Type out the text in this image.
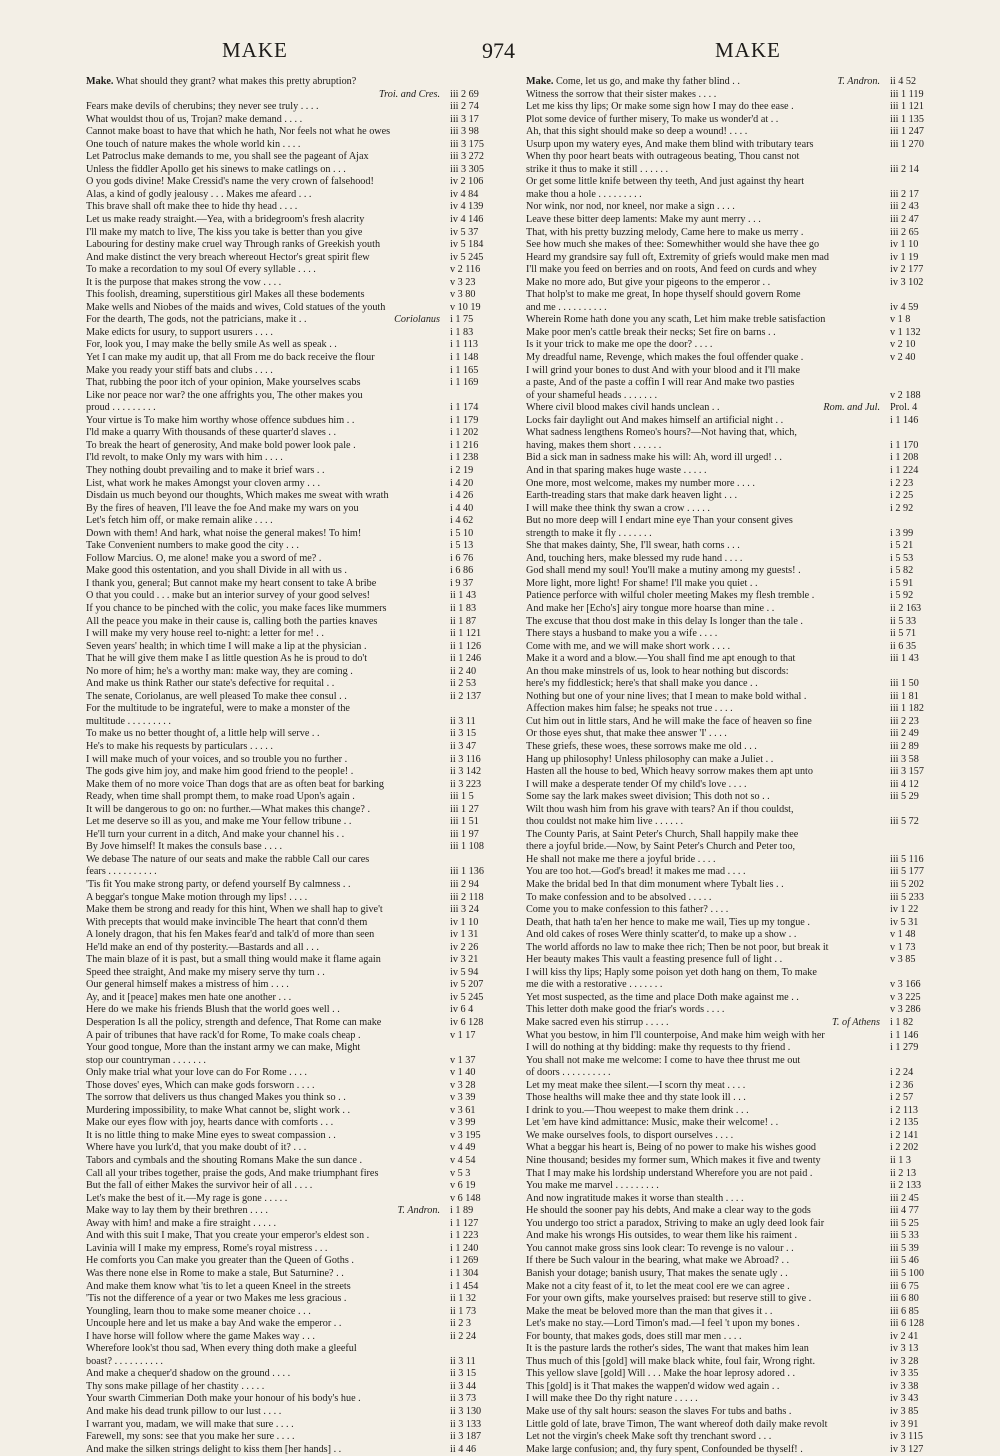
MAKE	974	MAKE
Make. What should they grant? what makes this pretty abruption?
Troi. and Cres. iii 2 69
Fears make devils of cherubins; they never see truly . . . .	iii 2 74
What wouldst thou of us, Trojan? make demand . . . .	iii 3 17
Cannot make boast to have that which he hath, Nor feels not what he owes	iii 3 98
One touch of nature makes the whole world kin . . . .	iii 3 175
Let Patroclus make demands to me, you shall see the pageant of Ajax	iii 3 272
Unless the fiddler Apollo get his sinews to make catlings on . . .	iii 3 305
O you gods divine! Make Cressid's name the very crown of falsehood!	iv 2 106
Alas, a kind of godly jealousy . . . Makes me afeard . . .	iv 4 84
This brave shall oft make thee to hide thy head . . . .	iv 4 139
Let us make ready straight.—Yea, with a bridegroom's fresh alacrity	iv 4 146
I'll make my match to live, The kiss you take is better than you give	iv 5 37
Labouring for destiny make cruel way Through ranks of Greekish youth	iv 5 184
And make distinct the very breach whereout Hector's great spirit flew	iv 5 245
To make a recordation to my soul Of every syllable . . . .	v 2 116
It is the purpose that makes strong the vow . . . .	v 3 23
This foolish, dreaming, superstitious girl Makes all these bodements	v 3 80
Make wells and Niobes of the maids and wives, Cold statues of the youth	v 10 19
For the dearth, The gods, not the patricians, make it . .	Coriolanus i 1 75
Make edicts for usury, to support usurers . . . .	i 1 83
For, look you, I may make the belly smile As well as speak . .	i 1 113
Yet I can make my audit up, that all From me do back receive the flour	i 1 148
Make you ready your stiff bats and clubs . . . .	i 1 165
That, rubbing the poor itch of your opinion, Make yourselves scabs	i 1 169
Like nor peace nor war? the one affrights you, The other makes you
proud . . . . . . . . .	i 1 174
Your virtue is To make him worthy whose offence subdues him . .	i 1 179
I'ld make a quarry With thousands of these quarter'd slaves . .	i 1 202
To break the heart of generosity, And make bold power look pale .	i 1 216
I'ld revolt, to make Only my wars with him . . . .	i 1 238
They nothing doubt prevailing and to make it brief wars . .	i 2 19
List, what work he makes Amongst your cloven army . . .	i 4 20
Disdain us much beyond our thoughts, Which makes me sweat with wrath	i 4 26
By the fires of heaven, I'll leave the foe And make my wars on you	i 4 40
Let's fetch him off, or make remain alike . . . .	i 4 62
Down with them! And hark, what noise the general makes! To him!	i 5 10
Take Convenient numbers to make good the city . . .	i 5 13
Follow Marcius. O, me alone! make you a sword of me? .	i 6 76
Make good this ostentation, and you shall Divide in all with us .	i 6 86
I thank you, general; But cannot make my heart consent to take A bribe	i 9 37
O that you could . . . make but an interior survey of your good selves!	ii 1 43
If you chance to be pinched with the colic, you make faces like mummers	ii 1 83
All the peace you make in their cause is, calling both the parties knaves	ii 1 87
I will make my very house reel to-night: a letter for me! . .	ii 1 121
Seven years' health; in which time I will make a lip at the physician .	ii 1 126
That he will give them make I as little question As he is proud to do't	ii 1 246
No more of him; he's a worthy man: make way, they are coming .	ii 2 40
And make us think Rather our state's defective for requital . .	ii 2 53
The senate, Coriolanus, are well pleased To make thee consul . .	ii 2 137
For the multitude to be ingrateful, were to make a monster of the
multitude . . . . . . . . .	ii 3 11
To make us no better thought of, a little help will serve . .	ii 3 15
He's to make his requests by particulars . . . . .	ii 3 47
I will make much of your voices, and so trouble you no further .	ii 3 116
The gods give him joy, and make him good friend to the people! .	ii 3 142
Make them of no more voice Than dogs that are as often beat for barking	ii 3 223
Ready, when time shall prompt them, to make road Upon's again .	iii 1 5
It will be dangerous to go on: no further.—What makes this change? .	iii 1 27
Let me deserve so ill as you, and make me Your fellow tribune . .	iii 1 51
He'll turn your current in a ditch, And make your channel his . .	iii 1 97
By Jove himself! It makes the consuls base . . . .	iii 1 108
We debase The nature of our seats and make the rabble Call our cares
fears . . . . . . . . . .	iii 1 136
'Tis fit You make strong party, or defend yourself By calmness . .	iii 2 94
A beggar's tongue Make motion through my lips! . . . .	iii 2 118
Make them be strong and ready for this hint, When we shall hap to give't	iii 3 24
With precepts that would make invincible The heart that conn'd them	iv 1 10
A lonely dragon, that his fen Makes fear'd and talk'd of more than seen	iv 1 31
He'ld make an end of thy posterity.—Bastards and all . . .	iv 2 26
The main blaze of it is past, but a small thing would make it flame again	iv 3 21
Speed thee straight, And make my misery serve thy turn . .	iv 5 94
Our general himself makes a mistress of him . . . .	iv 5 207
Ay, and it [peace] makes men hate one another . . .	iv 5 245
Here do we make his friends Blush that the world goes well . .	iv 6 4
Desperation Is all the policy, strength and defence, That Rome can make	iv 6 128
A pair of tribunes that have rack'd for Rome, To make coals cheap .	v 1 17
Your good tongue, More than the instant army we can make, Might
stop our countryman . . . . . . .	v 1 37
Only make trial what your love can do For Rome . . . .	v 1 40
Those doves' eyes, Which can make gods forsworn . . . .	v 3 28
The sorrow that delivers us thus changed Makes you think so . .	v 3 39
Murdering impossibility, to make What cannot be, slight work . .	v 3 61
Make our eyes flow with joy, hearts dance with comforts . . .	v 3 99
It is no little thing to make Mine eyes to sweat compassion . .	v 3 195
Where have you lurk'd, that you make doubt of it? . . .	v 4 49
Tabors and cymbals and the shouting Romans Make the sun dance .	v 4 54
Call all your tribes together, praise the gods, And make triumphant fires	v 5 3
But the fall of either Makes the survivor heir of all . . . .	v 6 19
Let's make the best of it.—My rage is gone . . . . .	v 6 148
Make way to lay them by their brethren . . . .	T. Andron. i 1 89
Away with him! and make a fire straight . . . . .	i 1 127
And with this suit I make, That you create your emperor's eldest son .	i 1 223
Lavinia will I make my empress, Rome's royal mistress . . .	i 1 240
He comforts you Can make you greater than the Queen of Goths .	i 1 269
Was there none else in Rome to make a stale, But Saturnine? . .	i 1 304
And make them know what 'tis to let a queen Kneel in the streets	i 1 454
'Tis not the difference of a year or two Makes me less gracious .	ii 1 32
Youngling, learn thou to make some meaner choice . . .	ii 1 73
Uncouple here and let us make a bay And wake the emperor . .	ii 2 3
I have horse will follow where the game Makes way . . .	ii 2 24
Wherefore look'st thou sad, When every thing doth make a gleeful
boast? . . . . . . . . . .	ii 3 11
And make a chequer'd shadow on the ground . . . .	ii 3 15
Thy sons make pillage of her chastity . . . . .	ii 3 44
Your swarth Cimmerian Doth make your honour of his body's hue .	ii 3 73
And make his dead trunk pillow to our lust . . . .	ii 3 130
I warrant you, madam, we will make that sure . . . .	ii 3 133
Farewell, my sons: see that you make her sure . . . .	ii 3 187
And make the silken strings delight to kiss them [her hands] . .	ii 4 46
Make. Come, let us go, and make thy father blind . .	T. Andron. ii 4 52
Witness the sorrow that their sister makes . . . .	iii 1 119
Let me kiss thy lips; Or make some sign how I may do thee ease .	iii 1 121
Plot some device of further misery, To make us wonder'd at . .	iii 1 135
Ah, that this sight should make so deep a wound! . . . .	iii 1 247
Usurp upon my watery eyes, And make them blind with tributary tears	iii 1 270
When thy poor heart beats with outrageous beating, Thou canst not
strike it thus to make it still . . . . . .	iii 2 14
Or get some little knife between thy teeth, And just against thy heart
make thou a hole . . . . . . . . .	iii 2 17
Nor wink, nor nod, nor kneel, nor make a sign . . . .	iii 2 43
Leave these bitter deep laments: Make my aunt merry . . .	iii 2 47
That, with his pretty buzzing melody, Came here to make us merry .	iii 2 65
See how much she makes of thee: Somewhither would she have thee go	iv 1 10
Heard my grandsire say full oft, Extremity of griefs would make men mad	iv 1 19
I'll make you feed on berries and on roots, And feed on curds and whey	iv 2 177
Make no more ado, But give your pigeons to the emperor . .	iv 3 102
That holp'st to make me great, In hope thyself should govern Rome
and me . . . . . . . . . .	iv 4 59
Wherein Rome hath done you any scath, Let him make treble satisfaction	v 1 8
Make poor men's cattle break their necks; Set fire on barns . .	v 1 132
Is it your trick to make me ope the door? . . . .	v 2 10
My dreadful name, Revenge, which makes the foul offender quake .	v 2 40
I will grind your bones to dust And with your blood and it I'll make
a paste, And of the paste a coffin I will rear And make two pasties
of your shameful heads . . . . . . .	v 2 188
Where civil blood makes civil hands unclean . .	Rom. and Jul. Prol. 4
Locks fair daylight out And makes himself an artificial night . .	i 1 146
What sadness lengthens Romeo's hours?—Not having that, which,
having, makes them short . . . . . .	i 1 170
Bid a sick man in sadness make his will: Ah, word ill urged! . .	i 1 208
And in that sparing makes huge waste . . . . .	i 1 224
One more, most welcome, makes my number more . . . .	i 2 23
Earth-treading stars that make dark heaven light . . .	i 2 25
I will make thee think thy swan a crow . . . . .	i 2 92
But no more deep will I endart mine eye Than your consent gives
strength to make it fly . . . . . . .	i 3 99
She that makes dainty, She, I'll swear, hath corns . . .	i 5 21
And, touching hers, make blessed my rude hand . . . .	i 5 53
God shall mend my soul! You'll make a mutiny among my guests! .	i 5 82
More light, more light! For shame! I'll make you quiet . .	i 5 91
Patience perforce with wilful choler meeting Makes my flesh tremble .	i 5 92
And make her [Echo's] airy tongue more hoarse than mine . .	ii 2 163
The excuse that thou dost make in this delay Is longer than the tale .	ii 5 33
There stays a husband to make you a wife . . . .	ii 5 71
Come with me, and we will make short work . . . .	ii 6 35
Make it a word and a blow.—You shall find me apt enough to that	iii 1 43
An thou make minstrels of us, look to hear nothing but discords:
here's my fiddlestick; here's that shall make you dance . .	iii 1 50
Nothing but one of your nine lives; that I mean to make bold withal .	iii 1 81
Affection makes him false; he speaks not true . . . .	iii 1 182
Cut him out in little stars, And he will make the face of heaven so fine	iii 2 23
Or those eyes shut, that make thee answer 'I' . . . .	iii 2 49
These griefs, these woes, these sorrows make me old . . .	iii 2 89
Hang up philosophy! Unless philosophy can make a Juliet . .	iii 3 58
Hasten all the house to bed, Which heavy sorrow makes them apt unto	iii 3 157
I will make a desperate tender Of my child's love . . . .	iii 4 12
Some say the lark makes sweet division; This doth not so . .	iii 5 29
Wilt thou wash him from his grave with tears? An if thou couldst,
thou couldst not make him live . . . . . .	iii 5 72
The County Paris, at Saint Peter's Church, Shall happily make thee
there a joyful bride.—Now, by Saint Peter's Church and Peter too,
He shall not make me there a joyful bride . . . .	iii 5 116
You are too hot.—God's bread! it makes me mad . . . .	iii 5 177
Make the bridal bed In that dim monument where Tybalt lies . .	iii 5 202
To make confession and to be absolved . . . . .	iii 5 233
Come you to make confession to this father? . . . .	iv 1 22
Death, that hath ta'en her hence to make me wail, Ties up my tongue .	iv 5 31
And old cakes of roses Were thinly scatter'd, to make up a show . .	v 1 48
The world affords no law to make thee rich; Then be not poor, but break it	v 1 73
Her beauty makes This vault a feasting presence full of light . .	v 3 85
I will kiss thy lips; Haply some poison yet doth hang on them, To make
me die with a restorative . . . . . . .	v 3 166
Yet most suspected, as the time and place Doth make against me . .	v 3 225
This letter doth make good the friar's words . . . .	v 3 286
Make sacred even his stirrup . . . . .	T. of Athens i 1 82
What you bestow, in him I'll counterpoise, And make him weigh with her	i 1 146
I will do nothing at thy bidding: make thy requests to thy friend .	i 1 279
You shall not make me welcome: I come to have thee thrust me out
of doors . . . . . . . . . .	i 2 24
Let my meat make thee silent.—I scorn thy meat . . . .	i 2 36
Those healths will make thee and thy state look ill . . .	i 2 57
I drink to you.—Thou weepest to make them drink . . .	i 2 113
Let 'em have kind admittance: Music, make their welcome! . .	i 2 135
We make ourselves fools, to disport ourselves . . . .	i 2 141
What a beggar his heart is, Being of no power to make his wishes good	i 2 202
Nine thousand; besides my former sum, Which makes it five and twenty	ii 1 3
That I may make his lordship understand Wherefore you are not paid .	ii 2 13
You make me marvel . . . . . . . . .	ii 2 133
And now ingratitude makes it worse than stealth . . . .	iii 2 45
He should the sooner pay his debts, And make a clear way to the gods	iii 4 77
You undergo too strict a paradox, Striving to make an ugly deed look fair	iii 5 25
And make his wrongs His outsides, to wear them like his raiment .	iii 5 33
You cannot make gross sins look clear: To revenge is no valour . .	iii 5 39
If there be Such valour in the bearing, what make we Abroad? . .	iii 5 46
Banish your dotage; banish usury, That makes the senate ugly . .	iii 5 100
Make not a city feast of it, to let the meat cool ere we can agree .	iii 6 75
For your own gifts, make yourselves praised: but reserve still to give .	iii 6 80
Make the meat be beloved more than the man that gives it . .	iii 6 85
Let's make no stay.—Lord Timon's mad.—I feel 't upon my bones .	iii 6 128
For bounty, that makes gods, does still mar men . . . .	iv 2 41
It is the pasture lards the rother's sides, The want that makes him lean	iv 3 13
Thus much of this [gold] will make black white, foul fair, Wrong right.	iv 3 28
This yellow slave [gold] Will . . . Make the hoar leprosy adored . .	iv 3 35
This [gold] is it That makes the wappen'd widow wed again . .	iv 3 38
I will make thee Do thy right nature . . . . .	iv 3 43
Make use of thy salt hours: season the slaves For tubs and baths .	iv 3 85
Little gold of late, brave Timon, The want whereof doth daily make revolt	iv 3 91
Let not the virgin's cheek Make soft thy trenchant sword . . .	iv 3 115
Make large confusion; and, thy fury spent, Confounded be thyself! .	iv 3 127
